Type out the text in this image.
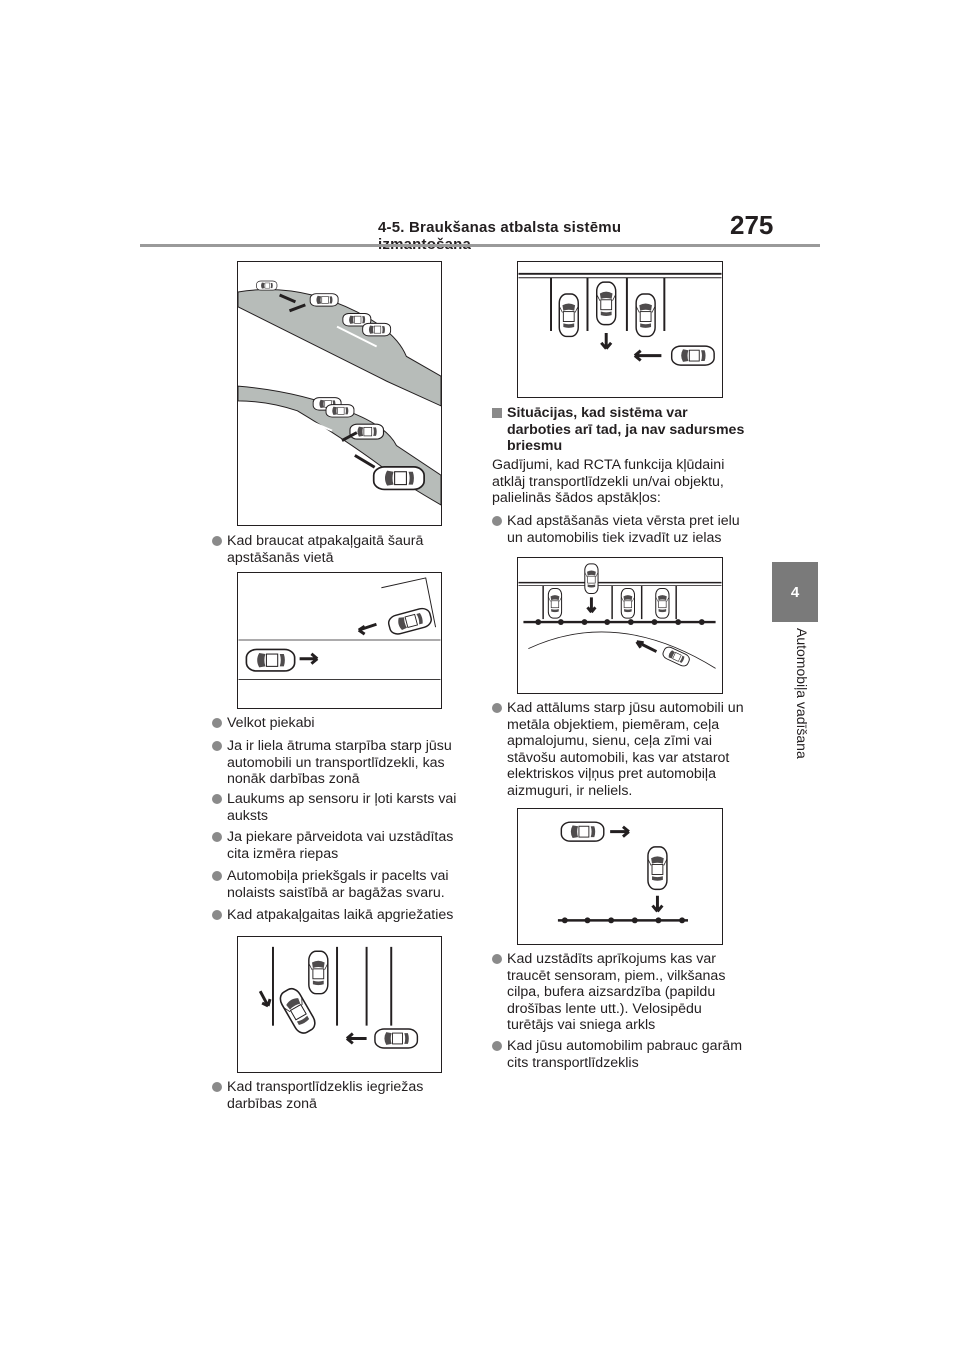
4-5. Braukšanas atbalsta sistēmu	275
4
Automobiļa vadīšana
Kad braucat atpakaļgaitā šaurā apstāšanās vietā
Velkot piekabi
Ja ir liela ātruma starpība starp jūsu automobili un transportlīdzekli, kas nonāk darbības zonā
Laukums ap sensoru ir ļoti karsts vai auksts
Ja piekare pārveidota vai uzstādītas cita izmēra riepas
Automobiļa priekšgals ir pacelts vai nolaists saistībā ar bagāžas svaru.
Kad atpakaļgaitas laikā apgriežaties
Kad transportlīdzeklis iegriežas darbības zonā
Situācijas, kad sistēma var darboties arī tad, ja nav sadursmes briesmu
Gadījumi, kad RCTA funkcija kļūdaini atklāj transportlīdzekli un/vai objektu, palielinās šādos apstākļos:
Kad apstāšanās vieta vērsta pret ielu un automobilis tiek izvadīt uz ielas
Kad attālums starp jūsu automobili un metāla objektiem, piemēram, ceļa apmalojumu, sienu, ceļa zīmi vai stāvošu automobili, kas var atstarot elektriskos viļņus pret automobiļa aizmuguri, ir neliels.
Kad uzstādīts aprīkojums kas var traucēt sensoram, piem., vilkšanas cilpa, bufera aizsardzība (papildu drošības lente utt.). Velosipēdu turētājs vai sniega arkls
Kad jūsu automobilim pabrauc garām cits transportlīdzeklis
